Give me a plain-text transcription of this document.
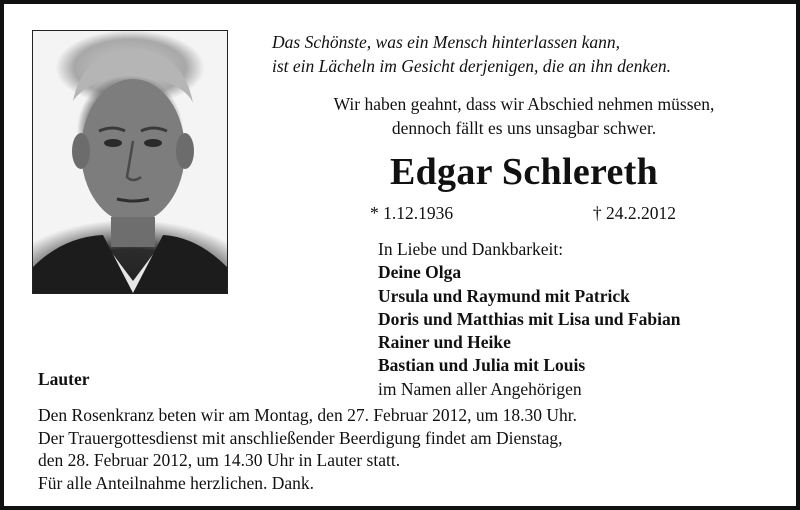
Das Schönste, was ein Mensch hinterlassen kann,
ist ein Lächeln im Gesicht derjenigen, die an ihn denken.
Wir haben geahnt, dass wir Abschied nehmen müssen,
dennoch fällt es uns unsagbar schwer.
Edgar Schlereth
* 1.12.1936	† 24.2.2012
In Liebe und Dankbarkeit:
Deine Olga
Ursula und Raymund mit Patrick
Doris und Matthias mit Lisa und Fabian
Rainer und Heike
Bastian und Julia mit Louis
im Namen aller Angehörigen
Lauter
Den Rosenkranz beten wir am Montag, den 27. Februar 2012, um 18.30 Uhr.
Der Trauergottesdienst mit anschließender Beerdigung findet am Dienstag,
den 28. Februar 2012, um 14.30 Uhr in Lauter statt.
Für alle Anteilnahme herzlichen. Dank.
